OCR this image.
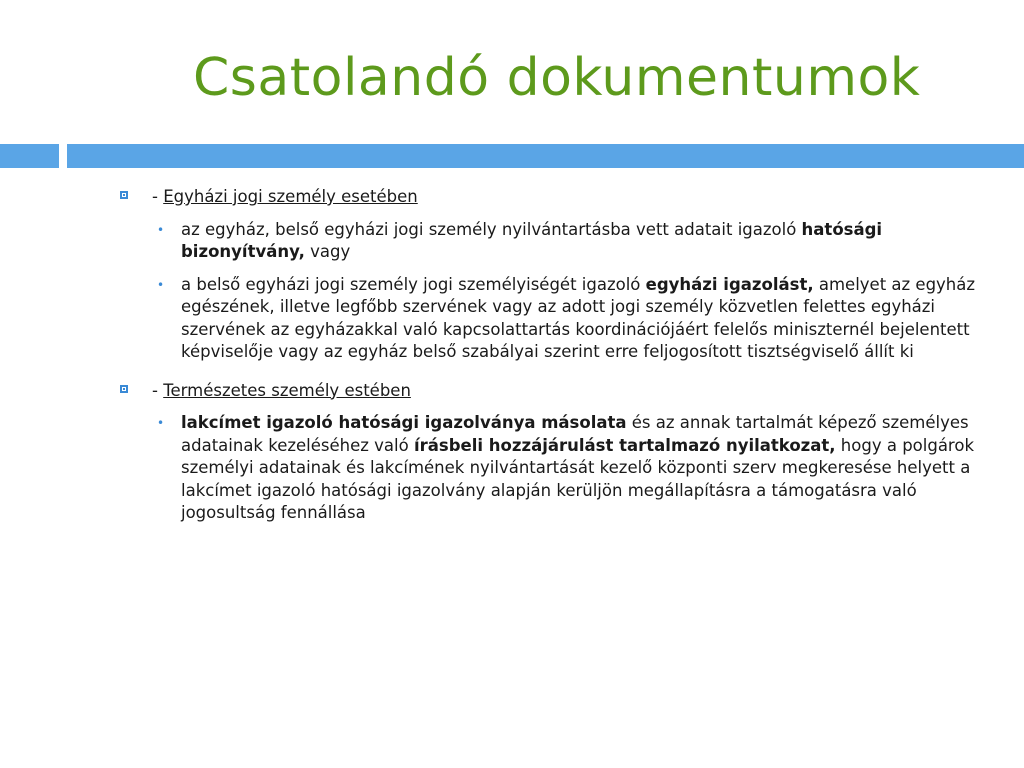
Csatolandó dokumentumok
- Egyházi jogi személy esetében
• az egyház, belső egyházi jogi személy nyilvántartásba vett adatait igazoló hatósági bizonyítvány, vagy
• a belső egyházi jogi személy jogi személyiségét igazoló egyházi igazolást, amelyet az egyház egészének, illetve legfőbb szervének vagy az adott jogi személy közvetlen felettes egyházi szervének az egyházakkal való kapcsolattartás koordinációjáért felelős miniszternél bejelentett képviselője vagy az egyház belső szabályai szerint erre feljogosított tisztségviselő állít ki
- Természetes személy estében
• lakcímet igazoló hatósági igazolványa másolata és az annak tartalmát képező személyes adatainak kezeléséhez való írásbeli hozzájárulást tartalmazó nyilatkozat, hogy a polgárok személyi adatainak és lakcímének nyilvántartását kezelő központi szerv megkeresése helyett a lakcímet igazoló hatósági igazolvány alapján kerüljön megállapításra a támogatásra való jogosultság fennállása
